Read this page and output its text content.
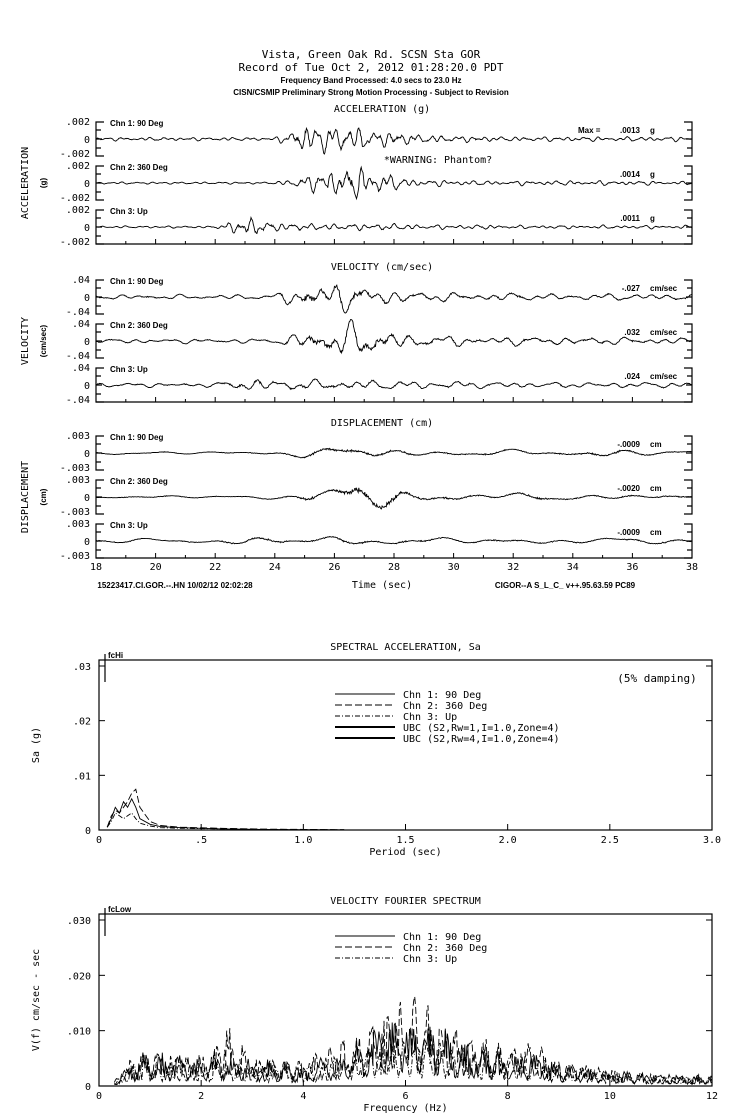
Vista, Green Oak Rd. SCSN Sta GOR
Record of Tue Oct 2, 2012 01:28:20.0 PDT
Frequency Band Processed: 4.0 secs to 23.0 Hz
CISN/CSMIP Preliminary Strong Motion Processing - Subject to Revision
15223417.CI.GOR.--.HN 10/02/12 02:02:28	Time (sec)	CIGOR--A S_L_C_ v++.95.63.59 PC89
ACCELERATION (g)
ACCELERATION (g)
.002
0
-.002
Chn 1: 90 Deg
Max = .0013 g
.002
0
-.002
Chn 2: 360 Deg
.0014 g
.002
0
-.002
Chn 3: Up
.0011 g
*WARNING: Phantom?
VELOCITY (cm/sec)
VELOCITY (cm/sec)
.04
0
-.04
Chn 1: 90 Deg
-.027 cm/sec
.04
0
-.04
Chn 2: 360 Deg
.032 cm/sec
.04
0
-.04
Chn 3: Up
.024 cm/sec
DISPLACEMENT (cm)
DISPLACEMENT (cm)
.003
0
-.003
Chn 1: 90 Deg
-.0009 cm
.003
0
-.003
Chn 2: 360 Deg
-.0020 cm
.003
0
-.003
Chn 3: Up
-.0009 cm
18	20	22	24	26	28	30	32	34	36	38
SPECTRAL ACCELERATION, Sa
0	.5	1.0	1.5	2.0	2.5	3.0
.03
.02
.01
0
Period (sec)
Sa (g)
fcHi
(5% damping)
Chn 1: 90 Deg
Chn 2: 360 Deg
Chn 3: Up
UBC (S2,Rw=1,I=1.0,Zone=4)
UBC (S2,Rw=4,I=1.0,Zone=4)
VELOCITY FOURIER SPECTRUM
0	2	4	6	8	10	12
.030
.020
.010
0
Frequency (Hz)
V(f) cm/sec - sec
fcLow
Chn 1: 90 Deg
Chn 2: 360 Deg
Chn 3: Up
